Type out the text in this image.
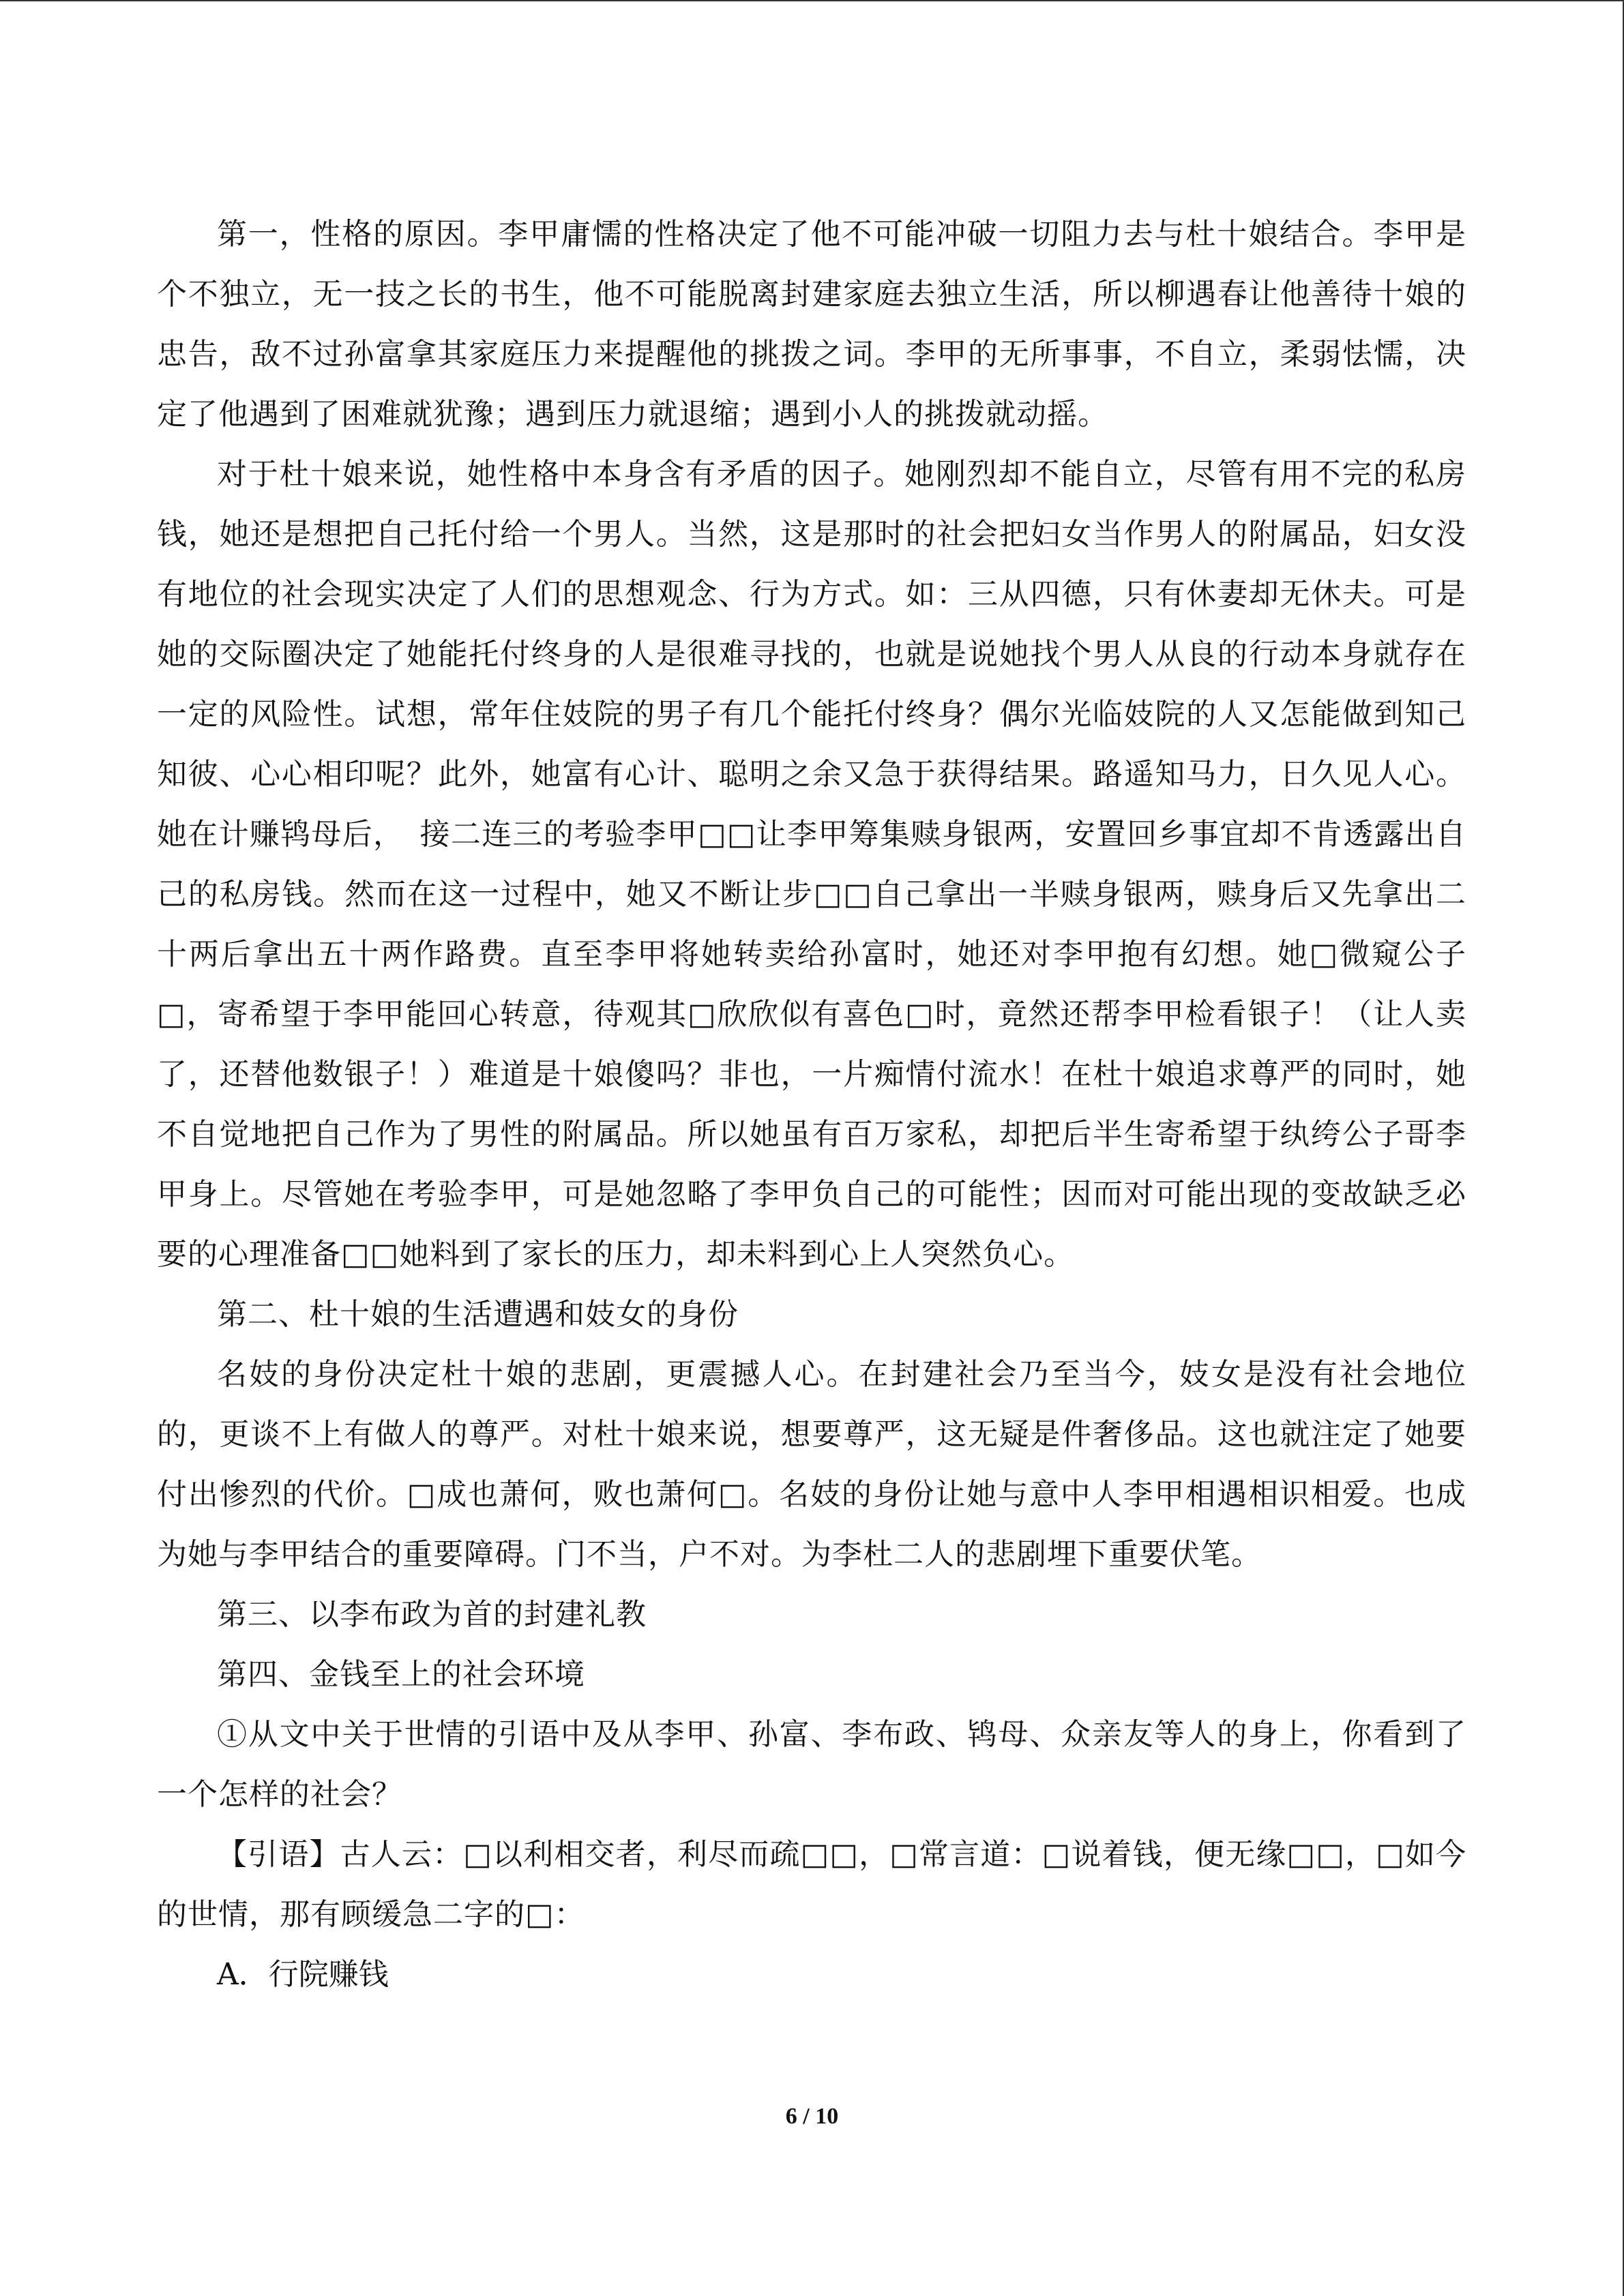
第一，性格的原因。李甲庸懦的性格决定了他不可能冲破一切阻力去与杜十娘结合。李甲是个不独立，无一技之长的书生，他不可能脱离封建家庭去独立生活，所以柳遇春让他善待十娘的忠告，敌不过孙富拿其家庭压力来提醒他的挑拨之词。李甲的无所事事，不自立，柔弱怯懦，决定了他遇到了困难就犹豫；遇到压力就退缩；遇到小人的挑拨就动摇。

对于杜十娘来说，她性格中本身含有矛盾的因子。她刚烈却不能自立，尽管有用不完的私房钱，她还是想把自己托付给一个男人。当然，这是那时的社会把妇女当作男人的附属品，妇女没有地位的社会现实决定了人们的思想观念、行为方式。如：三从四德，只有休妻却无休夫。可是她的交际圈决定了她能托付终身的人是很难寻找的，也就是说她找个男人从良的行动本身就存在一定的风险性。试想，常年住妓院的男子有几个能托付终身？偶尔光临妓院的人又怎能做到知己知彼、心心相印呢？此外，她富有心计、聪明之余又急于获得结果。路遥知马力，日久见人心。她在计赚鸨母后，　接二连三的考验李甲□□让李甲筹集赎身银两，安置回乡事宜却不肯透露出自己的私房钱。然而在这一过程中，她又不断让步□□自己拿出一半赎身银两，赎身后又先拿出二十两后拿出五十两作路费。直至李甲将她转卖给孙富时，她还对李甲抱有幻想。她□微窥公子□，寄希望于李甲能回心转意，待观其□欣欣似有喜色□时，竟然还帮李甲检看银子！（让人卖了，还替他数银子！）难道是十娘傻吗？非也，一片痴情付流水！在杜十娘追求尊严的同时，她不自觉地把自己作为了男性的附属品。所以她虽有百万家私，却把后半生寄希望于纨绔公子哥李甲身上。尽管她在考验李甲，可是她忽略了李甲负自己的可能性；因而对可能出现的变故缺乏必要的心理准备□□她料到了家长的压力，却未料到心上人突然负心。

第二、杜十娘的生活遭遇和妓女的身份

名妓的身份决定杜十娘的悲剧，更震撼人心。在封建社会乃至当今，妓女是没有社会地位的，更谈不上有做人的尊严。对杜十娘来说，想要尊严，这无疑是件奢侈品。这也就注定了她要付出惨烈的代价。□成也萧何，败也萧何□。名妓的身份让她与意中人李甲相遇相识相爱。也成为她与李甲结合的重要障碍。门不当，户不对。为李杜二人的悲剧埋下重要伏笔。

第三、以李布政为首的封建礼教

第四、金钱至上的社会环境

①从文中关于世情的引语中及从李甲、孙富、李布政、鸨母、众亲友等人的身上，你看到了一个怎样的社会？

【引语】古人云：□以利相交者，利尽而疏□□，□常言道：□说着钱，便无缘□□，□如今的世情，那有顾缓急二字的□：

A．行院赚钱

6 / 10
